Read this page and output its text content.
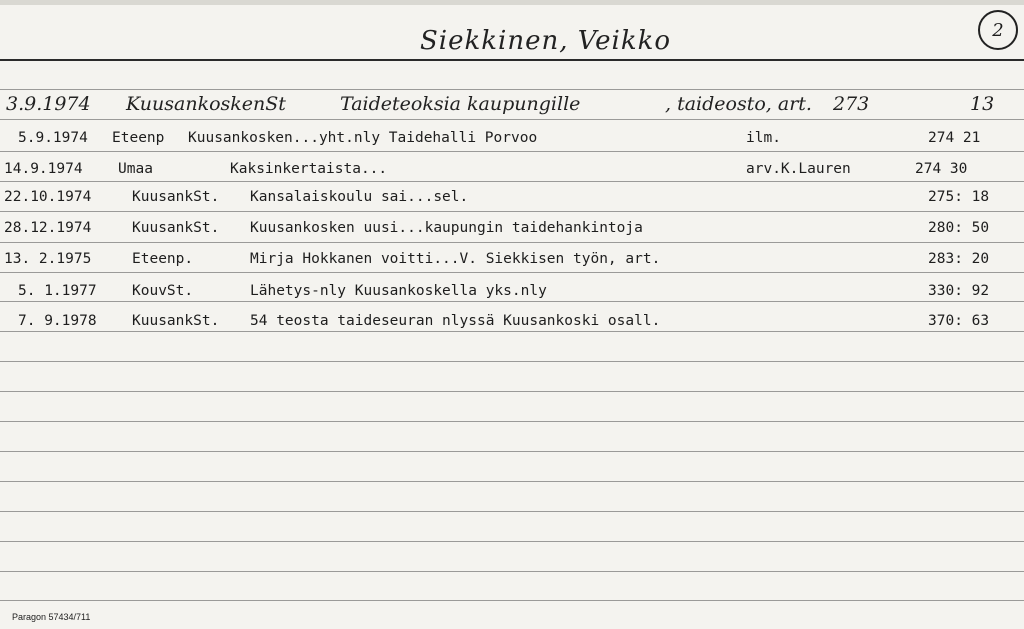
Siekkinen, Veikko	2
3.9.1974 KuusankoskenSt	Taideteoksia kaupungille	, taideosto, art. 273	13
5.9.1974 Eteenp Kuusankosken...yht.nly Taidehalli Porvoo	ilm.	274 21
14.9.1974 Umaa	Kaksinkertaista...	arv.K.Lauren	274 30
22.10.1974	KuusankSt. Kansalaiskoulu sai...sel.	275: 18
28.12.1974	KuusankSt. Kuusankosken uusi...kaupungin taidehankintoja	280: 50
13. 2.1975	Eteenp.	Mirja Hokkanen voitti...V. Siekkisen työn, art.	283: 20
5. 1.1977 KouvSt.	Lähetys-nly Kuusankoskella yks.nly	330: 92
7. 9.1978 KuusankSt. 54 teosta taideseuran nlyssä Kuusankoski osall.	370: 63
Paragon 57434/711
